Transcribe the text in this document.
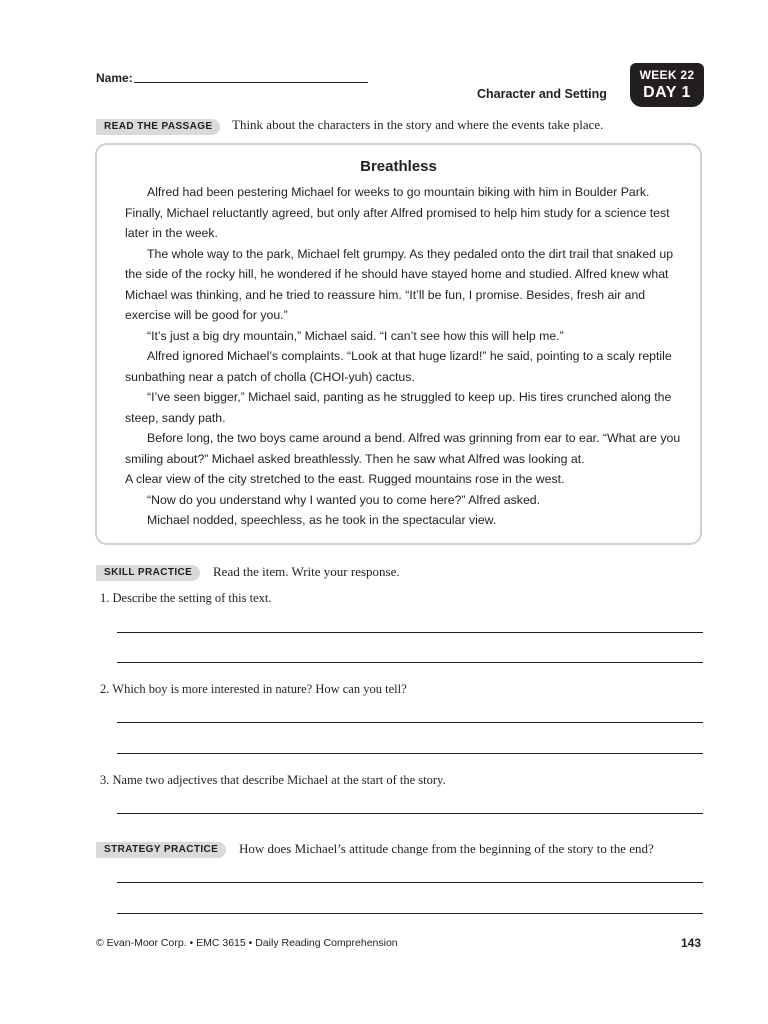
Name:
Character and Setting
WEEK 22
DAY 1
READ THE PASSAGE	Think about the characters in the story and where the events take place.
Breathless

Alfred had been pestering Michael for weeks to go mountain biking with him in Boulder Park. Finally, Michael reluctantly agreed, but only after Alfred promised to help him study for a science test later in the week.

The whole way to the park, Michael felt grumpy. As they pedaled onto the dirt trail that snaked up the side of the rocky hill, he wondered if he should have stayed home and studied. Alfred knew what Michael was thinking, and he tried to reassure him. “It’ll be fun, I promise. Besides, fresh air and exercise will be good for you.”

“It’s just a big dry mountain,” Michael said. “I can’t see how this will help me.”

Alfred ignored Michael’s complaints. “Look at that huge lizard!” he said, pointing to a scaly reptile sunbathing near a patch of cholla (CHOI-yuh) cactus.

“I’ve seen bigger,” Michael said, panting as he struggled to keep up. His tires crunched along the steep, sandy path.

Before long, the two boys came around a bend. Alfred was grinning from ear to ear. “What are you smiling about?” Michael asked breathlessly. Then he saw what Alfred was looking at.

A clear view of the city stretched to the east. Rugged mountains rose in the west.

“Now do you understand why I wanted you to come here?” Alfred asked.

Michael nodded, speechless, as he took in the spectacular view.

SKILL PRACTICE	Read the item. Write your response.
1. Describe the setting of this text.
2. Which boy is more interested in nature? How can you tell?
3. Name two adjectives that describe Michael at the start of the story.
STRATEGY PRACTICE	How does Michael’s attitude change from the beginning of the story to the end?
© Evan-Moor Corp. • EMC 3615 • Daily Reading Comprehension	143
